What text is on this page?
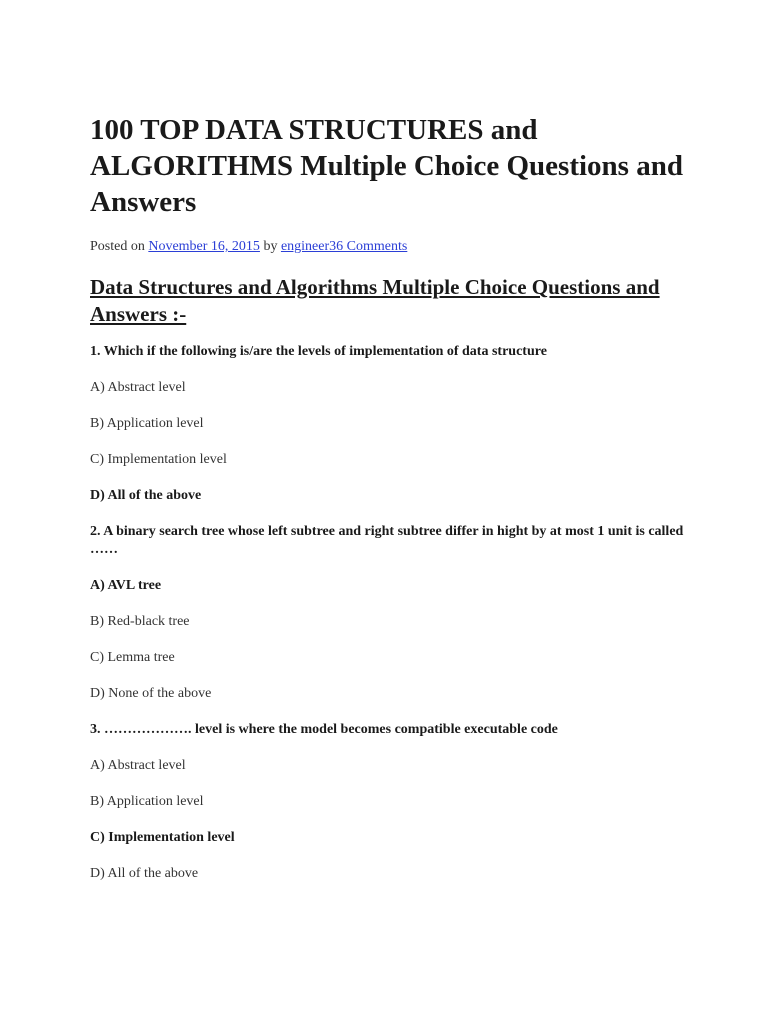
100 TOP DATA STRUCTURES and ALGORITHMS Multiple Choice Questions and Answers
Posted on November 16, 2015 by engineer36 Comments
Data Structures and Algorithms Multiple Choice Questions and Answers :-

1. Which if the following is/are the levels of implementation of data structure

A) Abstract level

B) Application level

C) Implementation level

D) All of the above

2. A binary search tree whose left subtree and right subtree differ in hight by at most 1 unit is called ……

A) AVL tree

B) Red-black tree

C) Lemma tree

D) None of the above

3. ………………. level is where the model becomes compatible executable code

A) Abstract level

B) Application level

C) Implementation level

D) All of the above
